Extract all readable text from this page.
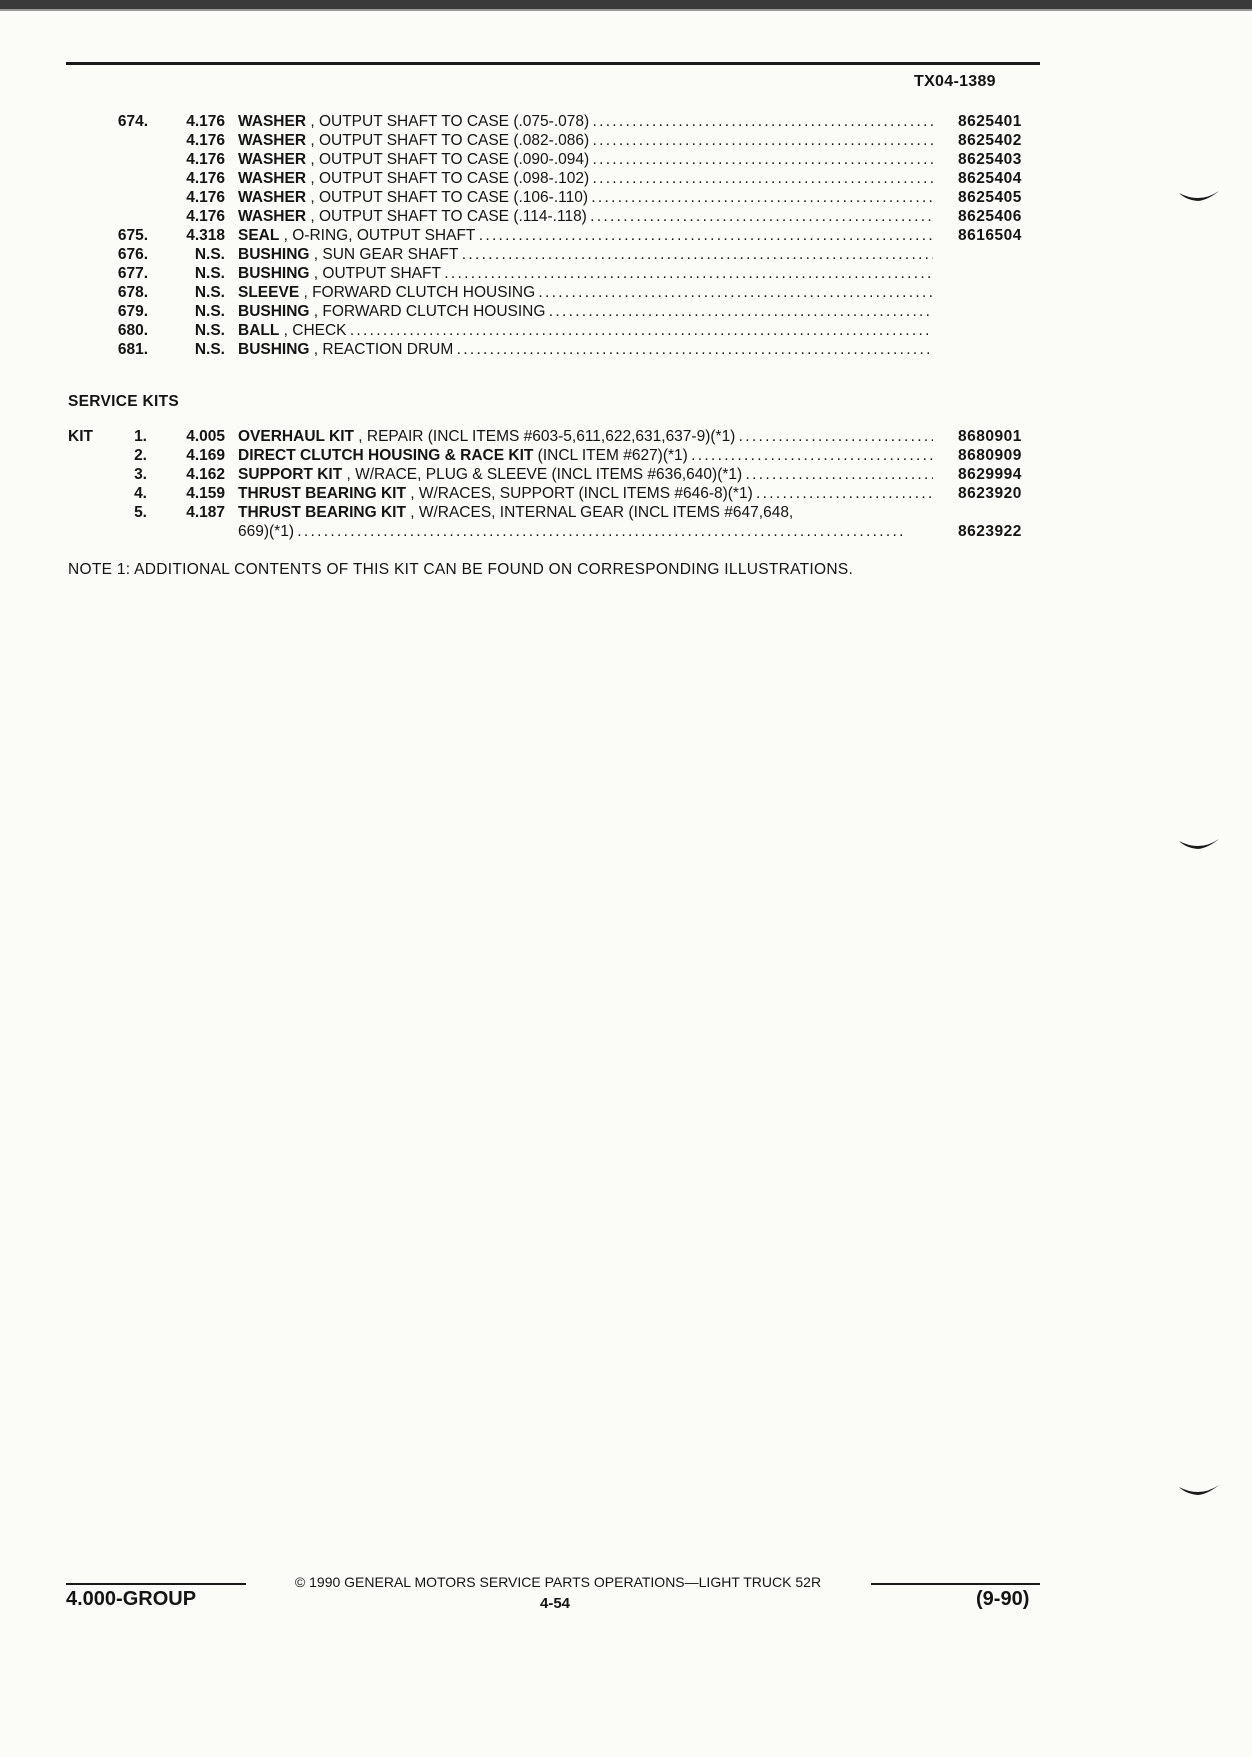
TX04-1389
674. 4.176 WASHER , OUTPUT SHAFT TO CASE (.075-.078) . . .	8625401
4.176 WASHER , OUTPUT SHAFT TO CASE (.082-.086) . . .	8625402
4.176 WASHER , OUTPUT SHAFT TO CASE (.090-.094) . . .	8625403
4.176 WASHER , OUTPUT SHAFT TO CASE (.098-.102) . . .	8625404
4.176 WASHER , OUTPUT SHAFT TO CASE (.106-.110) . . .	8625405
4.176 WASHER , OUTPUT SHAFT TO CASE (.114-.118) . . .	8625406
675. 4.318 SEAL , O-RING, OUTPUT SHAFT . . .	8616504
676.	N.S. BUSHING , SUN GEAR SHAFT . . .
677.	N.S. BUSHING , OUTPUT SHAFT . . .
678.	N.S. SLEEVE , FORWARD CLUTCH HOUSING . . .
679.	N.S. BUSHING , FORWARD CLUTCH HOUSING . . .
680.	N.S. BALL , CHECK . . .
681.	N.S. BUSHING , REACTION DRUM . . .
SERVICE KITS
KIT	1.	4.005 OVERHAUL KIT , REPAIR (INCL ITEMS #603-5,611,622,631,637-9)(*1) . . .	8680901
2.	4.169 DIRECT CLUTCH HOUSING & RACE KIT (INCL ITEM #627)(*1) . . .	8680909
3.	4.162 SUPPORT KIT , W/RACE, PLUG & SLEEVE (INCL ITEMS #636,640)(*1) . . .	8629994
4.	4.159 THRUST BEARING KIT , W/RACES, SUPPORT (INCL ITEMS #646-8)(*1) . . .	8623920
5.	4.187 THRUST BEARING KIT , W/RACES, INTERNAL GEAR (INCL ITEMS #647,648,
669)(*1) . . .	8623922
NOTE 1: ADDITIONAL CONTENTS OF THIS KIT CAN BE FOUND ON CORRESPONDING ILLUSTRATIONS.
© 1990 GENERAL MOTORS SERVICE PARTS OPERATIONS—LIGHT TRUCK 52R
4.000-GROUP	4-54	(9-90)
